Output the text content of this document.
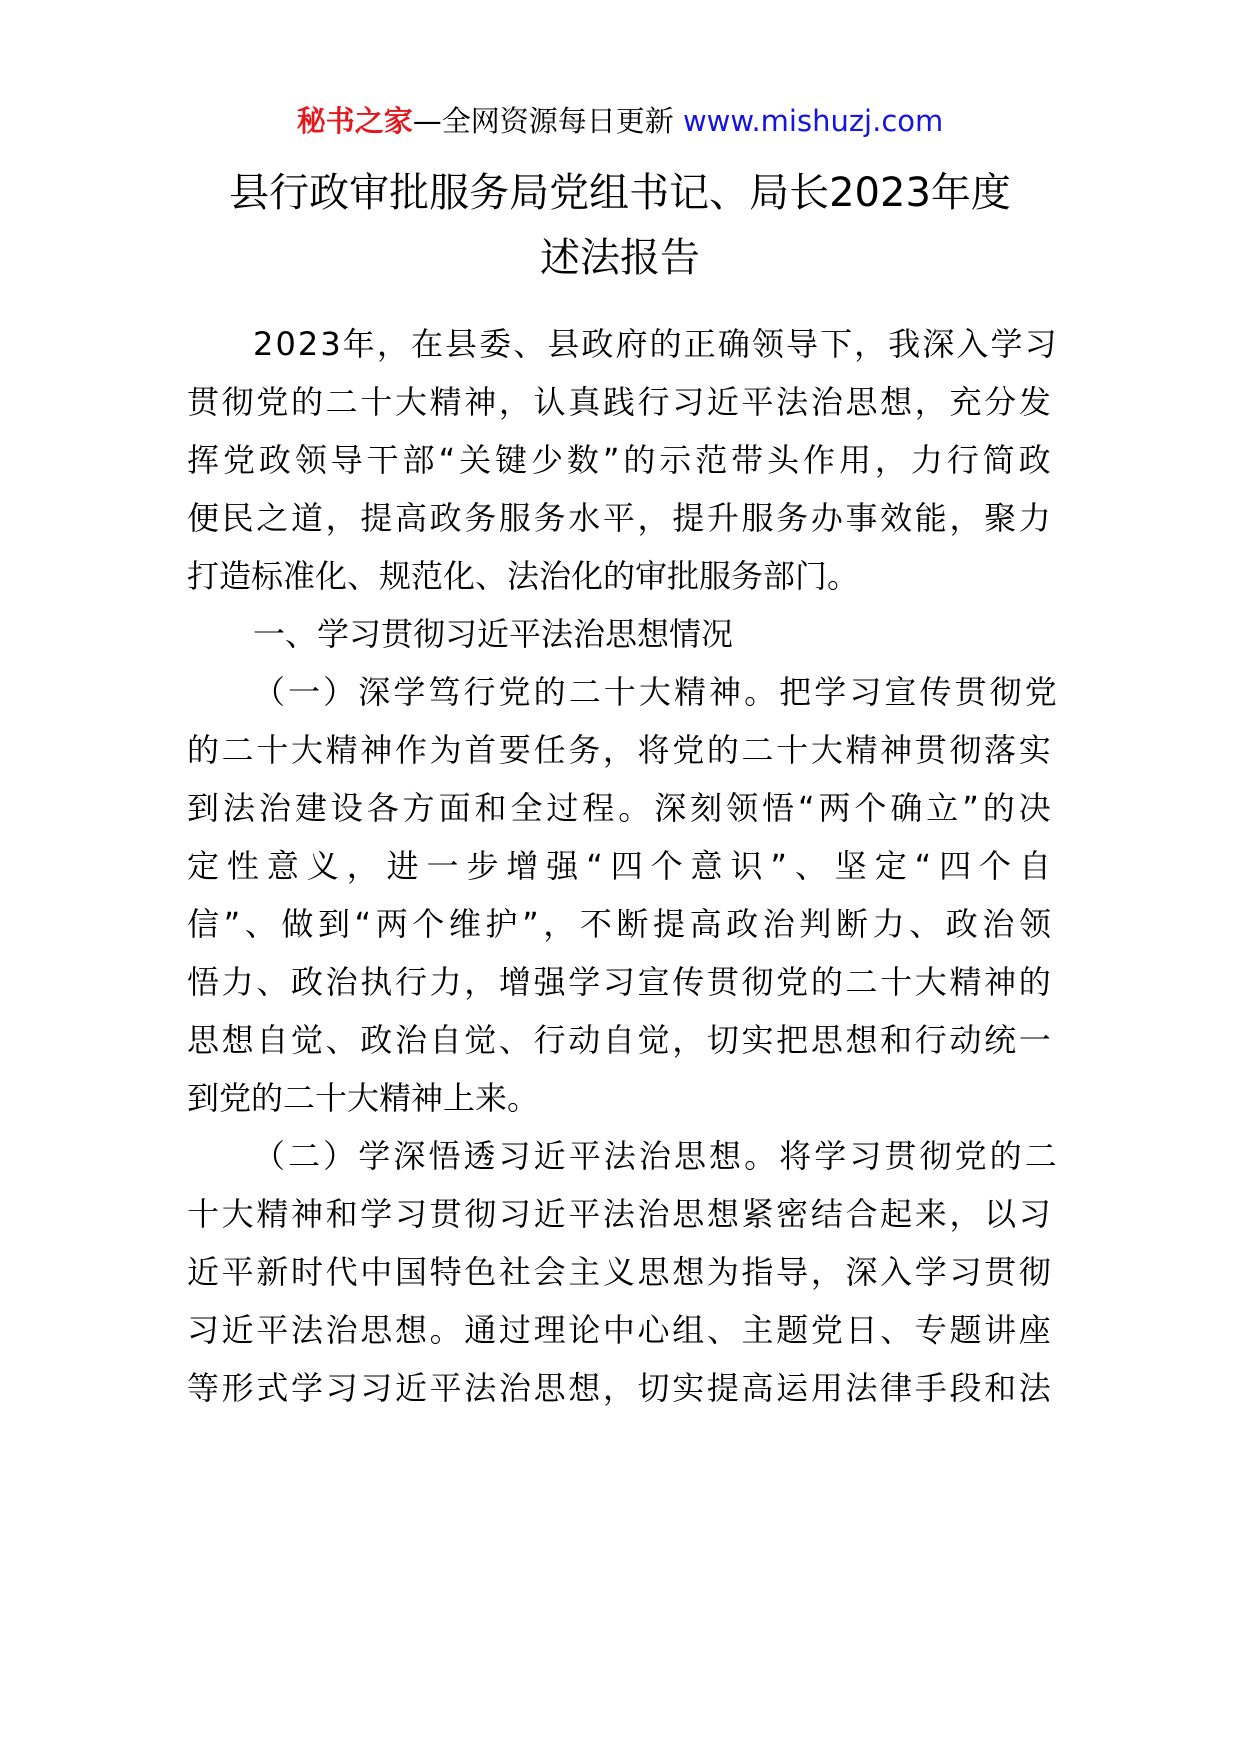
秘书之家—全网资源每日更新 www.mishuzj.com
县行政审批服务局党组书记、局长2023年度
述法报告
2 0 2 3 年 ， 在 县 委 、 县 政 府 的 正 确 领 导 下 ， 我 深 入 学 习
贯 彻 党 的 二 十 大 精 神 ， 认 真 践 行 习 近 平 法 治 思 想 ， 充 分 发
挥 党 政 领 导 干 部 “ 关 键 少 数 ” 的 示 范 带 头 作 用 ， 力 行 简 政
便 民 之 道 ， 提 高 政 务 服 务 水 平 ， 提 升 服 务 办 事 效 能 ， 聚 力
打造标准化、规范化、法治化的审批服务部门。
一、学习贯彻习近平法治思想情况
（ 一 ） 深 学 笃 行 党 的 二 十 大 精 神 。 把 学 习 宣 传 贯 彻 党
的 二 十 大 精 神 作 为 首 要 任 务 ， 将 党 的 二 十 大 精 神 贯 彻 落 实
到 法 治 建 设 各 方 面 和 全 过 程 。 深 刻 领 悟 “ 两 个 确 立 ” 的 决
定 性 意 义 ， 进 一 步 增 强 “ 四 个 意 识 ” 、 坚 定 “ 四 个 自
信 ” 、 做 到 “ 两 个 维 护 ” ， 不 断 提 高 政 治 判 断 力 、 政 治 领
悟 力 、 政 治 执 行 力 ， 增 强 学 习 宣 传 贯 彻 党 的 二 十 大 精 神 的
思 想 自 觉 、 政 治 自 觉 、 行 动 自 觉 ， 切 实 把 思 想 和 行 动 统 一
到党的二十大精神上来。
（ 二 ） 学 深 悟 透 习 近 平 法 治 思 想 。 将 学 习 贯 彻 党 的 二
十 大 精 神 和 学 习 贯 彻 习 近 平 法 治 思 想 紧 密 结 合 起 来 ， 以 习
近 平 新 时 代 中 国 特 色 社 会 主 义 思 想 为 指 导 ， 深 入 学 习 贯 彻
习 近 平 法 治 思 想 。 通 过 理 论 中 心 组 、 主 题 党 日 、 专 题 讲 座
等 形 式 学 习 习 近 平 法 治 思 想 ， 切 实 提 高 运 用 法 律 手 段 和 法
